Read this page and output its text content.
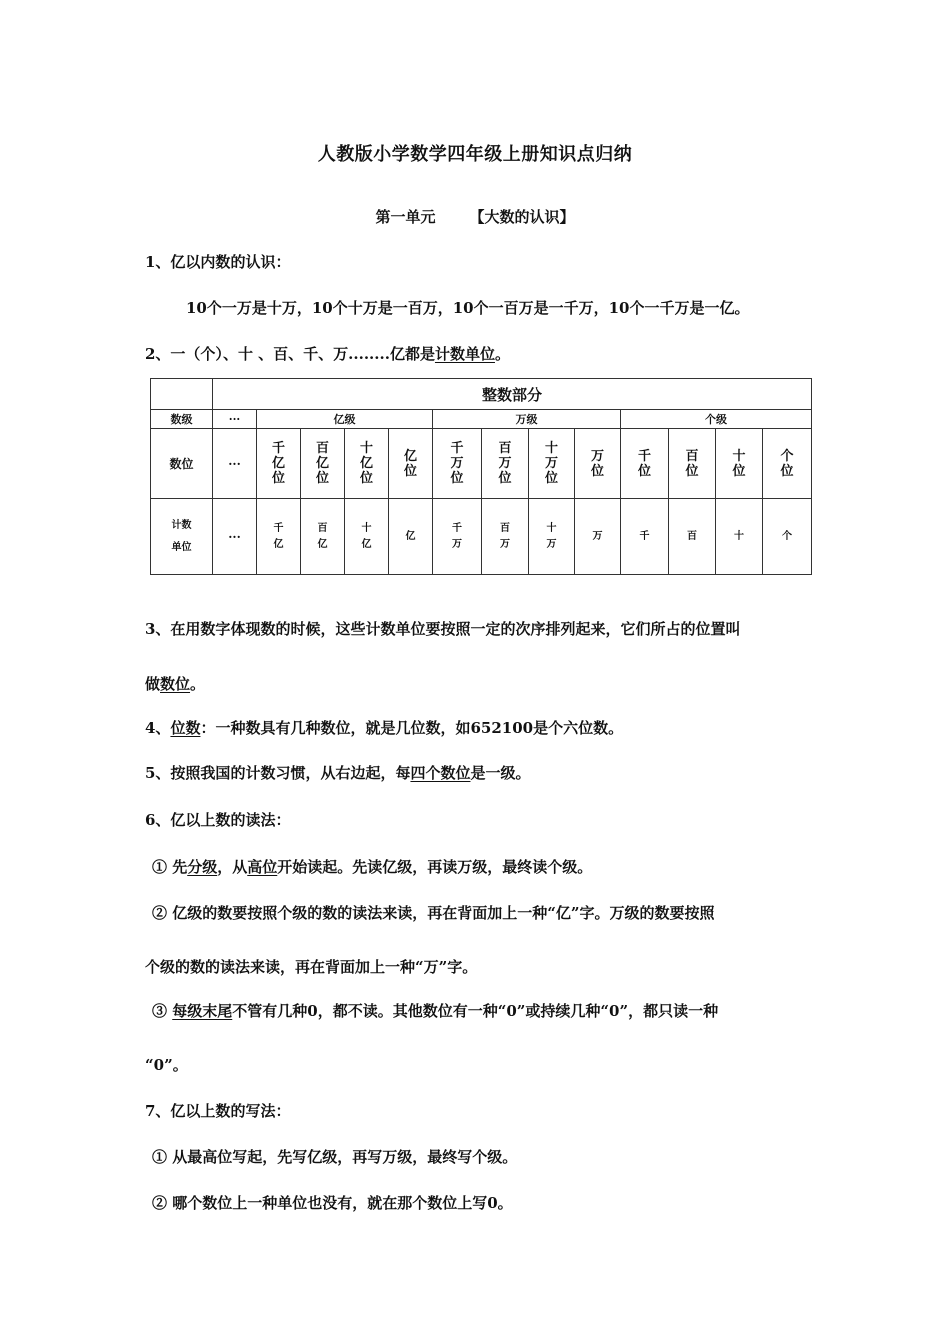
人教版小学数学四年级上册知识点归纳
第一单元 【大数的认识】
1、亿以内数的认识：
10个一万是十万，10个十万是一百万，10个一百万是一千万，10个一千万是一亿。
2、一（个）、十 、百、千、万........亿都是计数单位。
	整数部分												
数级	···	亿级				万级				个级			
数位	···	千亿位	百亿位	十亿位	亿位	千万位	百万位	十万位	万位	千位	百位	十位	个位
计数
单位	···	千亿	百亿	十亿	亿	千万	百万	十万	万	千	百	十	个
3、在用数字体现数的时候，这些计数单位要按照一定的次序排列起来，它们所占的位置叫
做数位。
4、位数：一种数具有几种数位，就是几位数，如652100是个六位数。
5、按照我国的计数习惯，从右边起，每四个数位是一级。
6、亿以上数的读法：
① 先分级，从高位开始读起。先读亿级，再读万级，最终读个级。
② 亿级的数要按照个级的数的读法来读，再在背面加上一种“亿”字。万级的数要按照
个级的数的读法来读，再在背面加上一种“万”字。
③ 每级末尾不管有几种0，都不读。其他数位有一种“0”或持续几种“0”，都只读一种
“0”。
7、亿以上数的写法：
① 从最高位写起，先写亿级，再写万级，最终写个级。
② 哪个数位上一种单位也没有，就在那个数位上写0。
